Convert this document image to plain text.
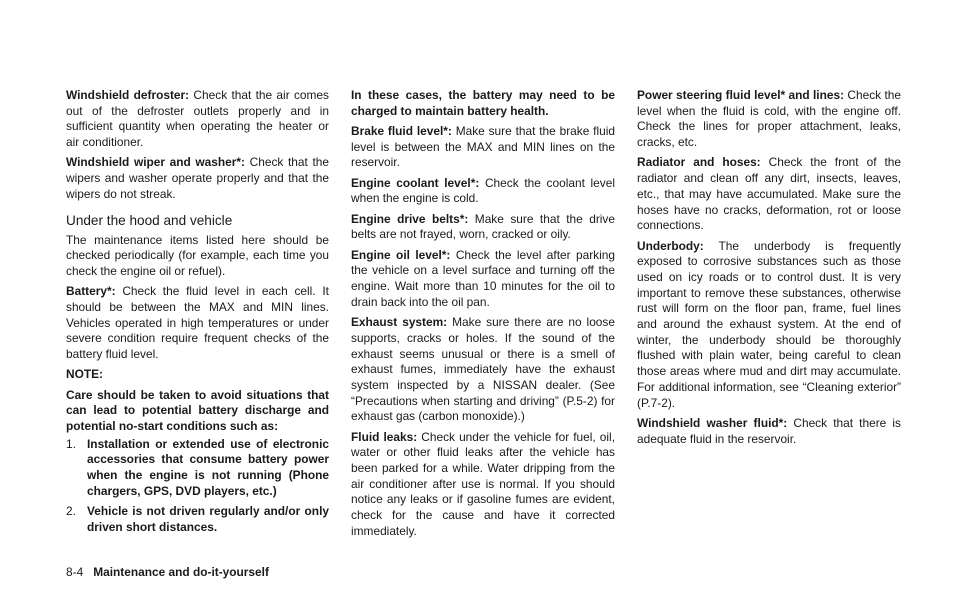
Windshield defroster: Check that the air comes out of the defroster outlets properly and in sufficient quantity when operating the heater or air conditioner.

Windshield wiper and washer*: Check that the wipers and washer operate properly and that the wipers do not streak.

Under the hood and vehicle

The maintenance items listed here should be checked periodically (for example, each time you check the engine oil or refuel).

Battery*: Check the fluid level in each cell. It should be between the MAX and MIN lines. Vehicles operated in high temperatures or under severe condition require frequent checks of the battery fluid level.

NOTE:

Care should be taken to avoid situations that can lead to potential battery discharge and potential no-start conditions such as:

1. Installation or extended use of electronic accessories that consume battery power when the engine is not running (Phone chargers, GPS, DVD players, etc.)
2. Vehicle is not driven regularly and/or only driven short distances.

In these cases, the battery may need to be charged to maintain battery health.

Brake fluid level*: Make sure that the brake fluid level is between the MAX and MIN lines on the reservoir.

Engine coolant level*: Check the coolant level when the engine is cold.

Engine drive belts*: Make sure that the drive belts are not frayed, worn, cracked or oily.

Engine oil level*: Check the level after parking the vehicle on a level surface and turning off the engine. Wait more than 10 minutes for the oil to drain back into the oil pan.

Exhaust system: Make sure there are no loose supports, cracks or holes. If the sound of the exhaust seems unusual or there is a smell of exhaust fumes, immediately have the exhaust system inspected by a NISSAN dealer. (See “Precautions when starting and driving” (P.5-2) for exhaust gas (carbon monoxide).)

Fluid leaks: Check under the vehicle for fuel, oil, water or other fluid leaks after the vehicle has been parked for a while. Water dripping from the air conditioner after use is normal. If you should notice any leaks or if gasoline fumes are evident, check for the cause and have it corrected immediately.

Power steering fluid level* and lines: Check the level when the fluid is cold, with the engine off. Check the lines for proper attachment, leaks, cracks, etc.

Radiator and hoses: Check the front of the radiator and clean off any dirt, insects, leaves, etc., that may have accumulated. Make sure the hoses have no cracks, deformation, rot or loose connections.

Underbody: The underbody is frequently exposed to corrosive substances such as those used on icy roads or to control dust. It is very important to remove these substances, otherwise rust will form on the floor pan, frame, fuel lines and around the exhaust system. At the end of winter, the underbody should be thoroughly flushed with plain water, being careful to clean those areas where mud and dirt may accumulate. For additional information, see “Cleaning exterior” (P.7-2).

Windshield washer fluid*: Check that there is adequate fluid in the reservoir.

8-4 Maintenance and do-it-yourself
